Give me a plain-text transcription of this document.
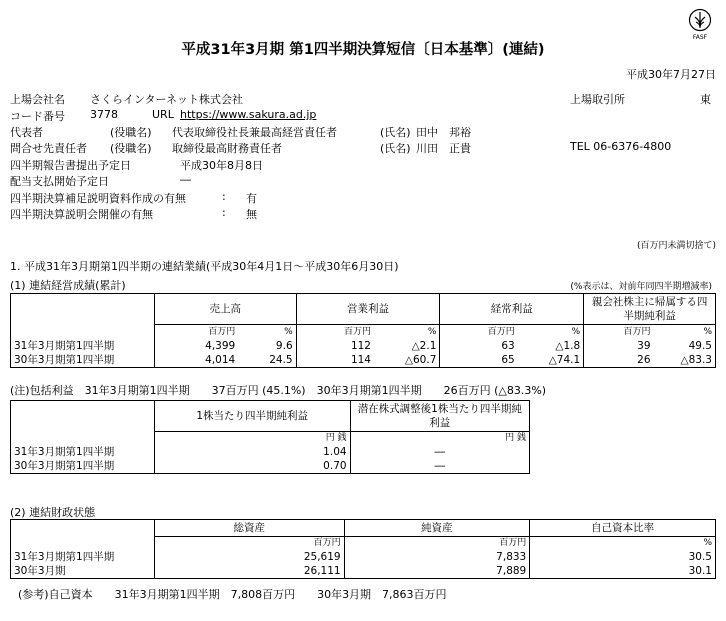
FASF
平成31年3月期 第1四半期決算短信〔日本基準〕(連結)
平成30年7月27日
上場会社名 さくらインターネット株式会社	上場取引所	東
コード番号 3778	URL https://www.sakura.ad.jp
代表者	(役職名) 代表取締役社長兼最高経営責任者	(氏名) 田中　邦裕
問合せ先責任者 (役職名) 取締役最高財務責任者	(氏名) 川田　正貴	TEL 06-6376-4800
四半期報告書提出予定日	平成30年8月8日
配当支払開始予定日	―
四半期決算補足説明資料作成の有無	: 有
四半期決算説明会開催の有無	: 無
(百万円未満切捨て)
1. 平成31年3月期第1四半期の連結業績(平成30年4月1日～平成30年6月30日)
(1) 連結経営成績(累計)	(%表示は、対前年同四半期増減率)
	売上高		営業利益		経常利益		親会社株主に帰属する四半期純利益	
	百万円	%	百万円	%	百万円	%	百万円	%
31年3月期第1四半期	4,399	9.6	112	△2.1	63	△1.8	39	49.5
30年3月期第1四半期	4,014	24.5	114	△60.7	65	△74.1	26	△83.3
(注)包括利益　31年3月期第1四半期　　37百万円 (45.1%)　30年3月期第1四半期　　26百万円 (△83.3%)
	1株当たり四半期純利益	潜在株式調整後1株当たり四半期純利益
	円 銭	円 銭
31年3月期第1四半期	1.04	―
30年3月期第1四半期	0.70	―
(2) 連結財政状態
	総資産	純資産	自己資本比率
	百万円	百万円	%
31年3月期第1四半期	25,619	7,833	30.5
30年3月期	26,111	7,889	30.1
(参考)自己資本　　31年3月期第1四半期　7,808百万円　　30年3月期　7,863百万円
